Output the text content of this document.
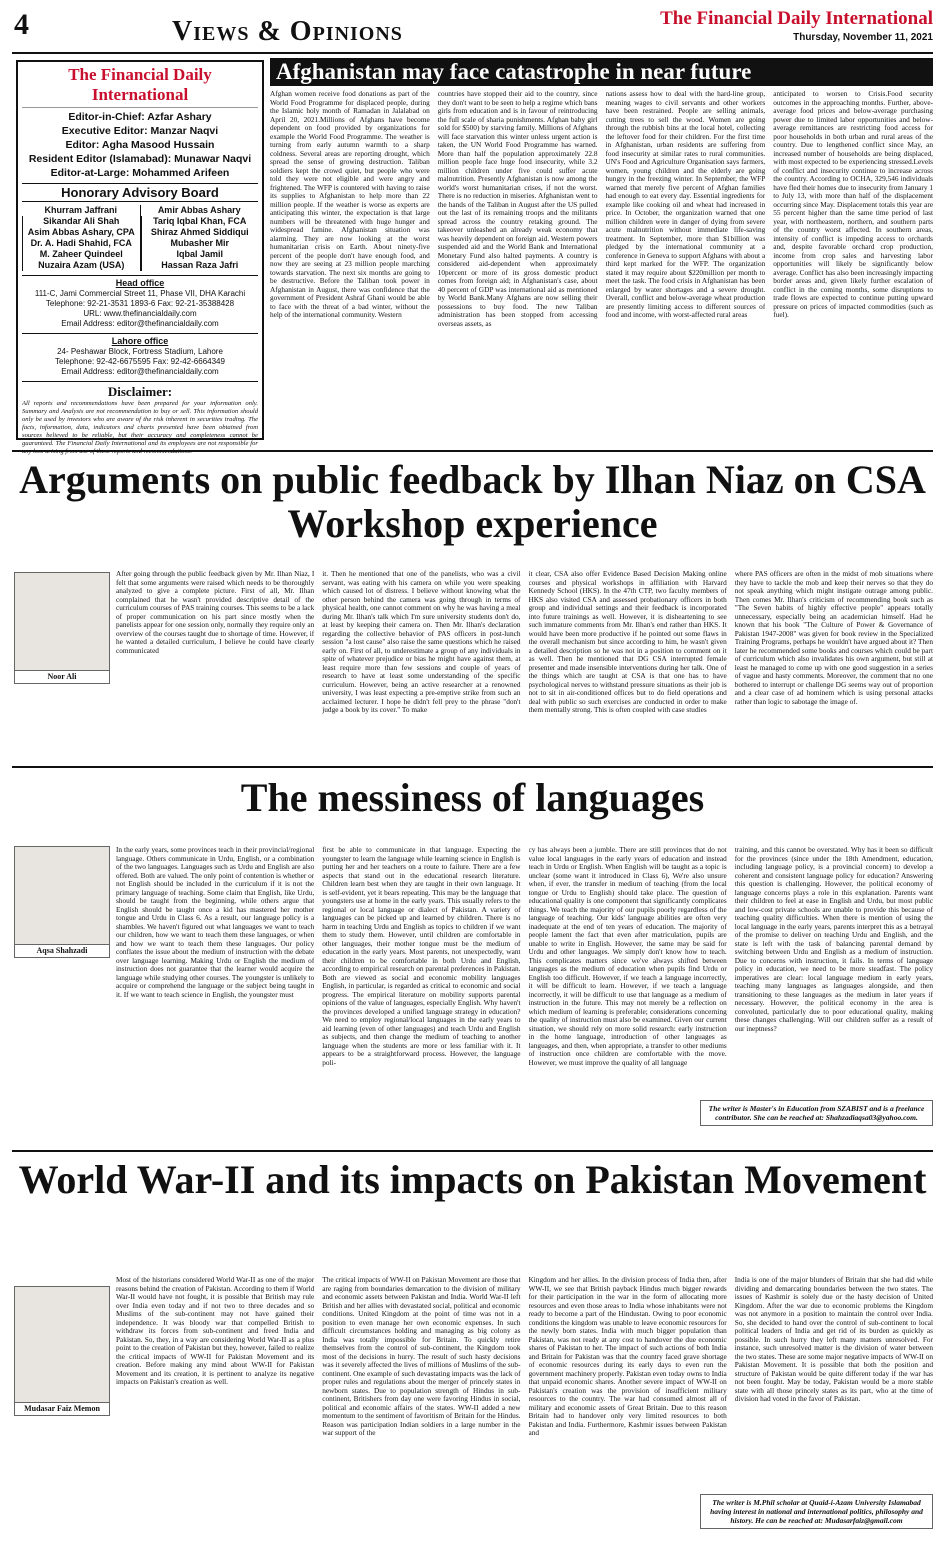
4	Views & Opinions	The Financial Daily International
Thursday, November 11, 2021
The Financial Daily International
Editor-in-Chief: Azfar Ashary
Executive Editor: Manzar Naqvi
Editor: Agha Masood Hussain
Resident Editor (Islamabad): Munawar Naqvi
Editor-at-Large: Mohammed Arifeen
Honorary Advisory Board
Khurram Jaffrani
Sikandar Ali Shah
Asim Abbas Ashary, CPA
Dr. A. Hadi Shahid, FCA
M. Zaheer Quindeel
Nuzaira Azam (USA)
Amir Abbas Ashary
Tariq Iqbal Khan, FCA
Shiraz Ahmed Siddiqui
Mubasher Mir
Iqbal Jamil
Hassan Raza Jafri
Head office
111-C, Jami Commercial Street 11, Phase VII, DHA Karachi
Telephone: 92-21-3531 1893-6 Fax: 92-21-35388428
URL: www.thefinancialdaily.com
Email Address: editor@thefinancialdaily.com
Lahore office
24- Peshawar Block, Fortress Stadium, Lahore
Telephone: 92-42-6675595 Fax: 92-42-6664349
Email Address: editor@thefinancialdaily.com
Disclaimer:

All reports and recommendations have been prepared for your information only. Summary and Analysis are not recommendation to buy or sell. This information should only be used by investors who are aware of the risk inherent in securities trading. The facts, information, data, indicators and charts presented have been obtained from sources believed to be reliable, but their accuracy and completeness cannot be guaranteed. The Financial Daily International and its employees are not responsible for any loss arising from use of these reports and recommendations.

Afghanistan may face catastrophe in near future

Afghan women receive food donations as part of the World Food Programme for displaced people, during the Islamic holy month of Ramadan in Jalalabad on April 20, 2021.Millions of Afghans have become dependent on food provided by organizations for example the World Food Programme. The weather is turning from early autumn warmth to a sharp coldness. Several areas are reporting drought, which spread the sense of growing destruction. Taliban soldiers kept the crowd quiet, but people who were told they were not eligible and were angry and frightened. The WFP is countered with having to raise its supplies to Afghanistan to help more than 22 million people. If the weather is worse as experts are anticipating this winter, the expectation is that large numbers will be threatened with huge hunger and widespread famine. Afghanistan situation was alarming. They are now looking at the worst humanitarian crisis on Earth. About ninety-five percent of the people don't have enough food, and now they are seeing at 23 million people marching towards starvation. The next six months are going to be destructive. Before the Taliban took power in Afghanistan in August, there was confidence that the government of President Ashraf Ghani would be able to face with the threat of a bad winter, without the help of the international community. Western

countries have stopped their aid to the country, since they don't want to be seen to help a regime which bans girls from education and is in favour of reintroducing the full scale of sharia punishments. Afghan baby girl sold for $500) by starving family. Millions of Afghans will face starvation this winter unless urgent action is taken, the UN World Food Programme has warned. More than half the population approximately 22.8 million people face huge food insecurity, while 3.2 million children under five could suffer acute malnutrition. Presently Afghanistan is now among the world's worst humanitarian crises, if not the worst. There is no reduction in miseries. Afghanistan went to the hands of the Taliban in August after the US pulled out the last of its remaining troops and the militants spread across the country retaking ground. The takeover unleashed an already weak economy that was heavily dependent on foreign aid. Western powers suspended aid and the World Bank and International Monetary Fund also halted payments. A country is considered aid-dependent when approximately 10percent or more of its gross domestic product comes from foreign aid; in Afghanistan's case, about 40 percent of GDP was international aid as mentioned by World Bank.Many Afghans are now selling their possessions to buy food. The new Taliban administration has been stopped from accessing overseas assets, as

nations assess how to deal with the hard-line group, meaning wages to civil servants and other workers have been restrained. People are selling animals, cutting trees to sell the wood. Women are going through the rubbish bins at the local hotel, collecting the leftover food for their children. For the first time in Afghanistan, urban residents are suffering from food insecurity at similar rates to rural communities. UN's Food and Agriculture Organisation says farmers, women, young children and the elderly are going hungry in the freezing winter. In September, the WFP warned that merely five percent of Afghan families had enough to eat every day. Essential ingredients for example like cooking oil and wheat had increased in price. In October, the organization warned that one million children were in danger of dying from severe acute malnutrition without immediate life-saving treatment. In September, more than $1billion was pledged by the international community at a conference in Geneva to support Afghans with about a third kept marked for the WFP. The organization stated it may require about $220million per month to meet the task. The food crisis in Afghanistan has been enlarged by water shortages and a severe drought. Overall, conflict and below-average wheat production are presently limiting access to different sources of food and income, with worst-affected rural areas

anticipated to worsen to Crisis.Food security outcomes in the approaching months. Further, above-average food prices and below-average purchasing power due to limited labor opportunities and below-average remittances are restricting food access for poor households in both urban and rural areas of the country. Due to lengthened conflict since May, an increased number of households are being displaced, with most expected to be experiencing stressed.Levels of conflict and insecurity continue to increase across the country. According to OCHA, 329,546 individuals have fled their homes due to insecurity from January 1 to July 13, with more than half of the displacement occurring since May. Displacement totals this year are 55 percent higher than the same time period of last year, with northeastern, northern, and southern parts of the country worst affected. In southern areas, intensity of conflict is impeding access to orchards and, despite favorable orchard crop production, income from crop sales and harvesting labor opportunities will likely be significantly below average. Conflict has also been increasingly impacting border areas and, given likely further escalation of conflict in the coming months, some disruptions to trade flows are expected to continue putting upward pressure on prices of impacted commodities (such as fuel).

Arguments on public feedback by Ilhan Niaz on CSA Workshop experience
Noor Ali

After going through the public feedback given by Mr. Ilhan Niaz, I felt that some arguments were raised which needs to be thoroughly analyzed to give a complete picture. First of all, Mr. Ilhan complained that he wasn't provided descriptive detail of the curriculum courses of PAS training courses. This seems to be a lack of proper communication on his part since mostly when the panelists appear for one session only, normally they require only an overview of the courses taught due to shortage of time. However, if he wanted a detailed curriculum, I believe he could have clearly communicated

it. Then he mentioned that one of the panelists, who was a civil servant, was eating with his camera on while you were speaking which caused lot of distress. I believe without knowing what the other person behind the camera was going through in terms of physical health, one cannot comment on why he was having a meal during Mr. Ilhan's talk which I'm sure university students don't do, at least by keeping their camera on. Then Mr. Ilhan's declaration regarding the collective behavior of PAS officers in post-lunch session "a lost cause" also raise the same questions which he raised early on. First of all, to underestimate a group of any individuals in spite of whatever prejudice or bias he might have against them, at least require more than few sessions and couple of years of research to have at least some understanding of the specific curriculum. However, being an active researcher at a renowned university, I was least expecting a pre-emptive strike from such an acclaimed lecturer. I hope he didn't fell prey to the phrase "don't judge a book by its cover." To make

it clear, CSA also offer Evidence Based Decision Making online courses and physical workshops in affiliation with Harvard Kennedy School (HKS). In the 47th CTP, two faculty members of HKS also visited CSA and assessed probationary officers in both group and individual settings and their feedback is incorporated into future trainings as well. However, it is disheartening to see such immature comments from Mr. Ilhan's end rather than HKS. It would have been more productive if he pointed out some flaws in the overall mechanism but since according to him, he wasn't given a detailed description so he was not in a position to comment on it as well. Then he mentioned that DG CSA interrupted female presenter and made insensible interventions during her talk. One of the things which are taught at CSA is that one has to have psychological nerves to withstand pressure situations as their job is not to sit in air-conditioned offices but to do field operations and deal with public so such exercises are conducted in order to make them mentally strong. This is often coupled with case studies

where PAS officers are often in the midst of mob situations where they have to tackle the mob and keep their nerves so that they do not speak anything which might instigate outrage among public. Then comes Mr. Ilhan's criticism of recommending book such as "The Seven habits of highly effective people" appears totally unnecessary, especially being an academician himself. Had he known that his book "The Culture of Power & Governance of Pakistan 1947-2008" was given for book review in the Specialized Training Programs, perhaps he wouldn't have argued about it? Then later he recommended some books and courses which could be part of curriculum which also invalidates his own argument, but still at least he managed to come up with one good suggestion in a series of vague and hasty comments. Moreover, the comment that no one bothered to interrupt or challenge DG seems way out of proportion and a clear case of ad hominem which is using personal attacks rather than logic to sabotage the image of.

The messiness of languages
Aqsa Shahzadi

In the early years, some provinces teach in their provincial/regional language. Others communicate in Urdu, English, or a combination of the two languages. Languages such as Urdu and English are also offered. Both are valued. The only point of contention is whether or not English should be included in the curriculum if it is not the primary language of teaching. Some claim that English, like Urdu, should be taught from the beginning, while others argue that English should be taught once a kid has mastered her mother tongue and Urdu in Class 6. As a result, our language policy is a shambles. We haven't figured out what languages we want to teach our children, how we want to teach them these languages, or when and how we want to teach them these languages. Our policy conflates the issue about the medium of instruction with the debate over language learning. Making Urdu or English the medium of instruction does not guarantee that the learner would acquire the language while studying other courses. The youngster is unlikely to acquire or comprehend the language or the subject being taught in it. If we want to teach science in English, the youngster must

first be able to communicate in that language. Expecting the youngster to learn the language while learning science in English is putting her and her teachers on a route to failure. There are a few aspects that stand out in the educational research literature. Children learn best when they are taught in their own language. It is self-evident, yet it bears repeating. This may be the language that youngsters use at home in the early years. This usually refers to the regional or local language or dialect of Pakistan. A variety of languages can be picked up and learned by children. There is no harm in teaching Urdu and English as topics to children if we want them to study them. However, until children are comfortable in other languages, their mother tongue must be the medium of education in the early years. Most parents, not unexpectedly, want their children to be comfortable in both Urdu and English, according to empirical research on parental preferences in Pakistan. Both are viewed as social and economic mobility languages English, in particular, is regarded as critical to economic and social progress. The empirical literature on mobility supports parental opinions of the value of languages, especially English. Why haven't the provinces developed a unified language strategy in education? We need to employ regional/local languages in the early years to aid learning (even of other languages) and teach Urdu and English as subjects, and then change the medium of teaching to another language when the students are more or less familiar with it. It appears to be a straightforward process. However, the language poli-

cy has always been a jumble. There are still provinces that do not value local languages in the early years of education and instead teach in Urdu or English. When English will be taught as a topic is unclear (some want it introduced in Class 6), We're also unsure when, if ever, the transfer in medium of teaching (from the local tongue or Urdu to English) should take place. The question of educational quality is one component that significantly complicates things. We teach the majority of our pupils poorly regardless of the language of teaching. Our kids' language abilities are often very inadequate at the end of ten years of education. The majority of people lament the fact that even after matriculation, pupils are unable to write in English. However, the same may be said for Urdu and other languages. We simply don't know how to teach. This complicates matters since we've always shifted between languages as the medium of education when pupils find Urdu or English too difficult. However, if we teach a language incorrectly, it will be difficult to learn. However, if we teach a language incorrectly, it will be difficult to use that language as a medium of instruction in the future. This may not merely be a reflection on which medium of learning is preferable; considerations concerning the quality of instruction must also be examined. Given our current situation, we should rely on more solid research: early instruction in the home language, introduction of other languages as languages, and then, when appropriate, a transfer to other mediums of instruction once children are comfortable with the move. However, we must improve the quality of all language

training, and this cannot be overstated. Why has it been so difficult for the provinces (since under the 18th Amendment, education, including language policy, is a provincial concern) to develop a coherent and consistent language policy for education? Answering this question is challenging. However, the political economy of language concerns plays a role in this explanation. Parents want their children to feel at ease in English and Urdu, but most public and low-cost private schools are unable to provide this because of teaching quality difficulties. When there is mention of using the local language in the early years, parents interpret this as a betrayal of the promise to deliver on teaching Urdu and English, and the state is left with the task of balancing parental demand by switching between Urdu and English as a medium of instruction. Due to concerns with instruction, it fails. In terms of language policy in education, we need to be more steadfast. The policy imperatives are clear: local language medium in early years, teaching many languages as languages alongside, and then transitioning to these languages as the medium in later years if necessary. However, the political economy in the area is convoluted, particularly due to poor educational quality, making these changes challenging. Will our children suffer as a result of our ineptness?

The writer is Master's in Education from SZABIST and is a freelance contributor. She can be reached at: Shahzadiaqsa03@yahoo.com.
World War-II and its impacts on Pakistan Movement
Mudasar Faiz Memon

Most of the historians considered World War-II as one of the major reasons behind the creation of Pakistan. According to them if World War-II would have not fought, it is possible that British may rule over India even today and if not two to three decades and so Muslims of the sub-continent may not have gained their independence. It was bloody war that compelled British to withdraw its forces from sub-continent and freed India and Pakistan. So, they, in a way are considering World War-II as a plus point to the creation of Pakistan but they, however, failed to realize the critical impacts of WW-II for Pakistan Movement and its creation. Before making any mind about WW-II for Pakistan Movement and its creation, it is pertinent to analyze its negative impacts on Pakistan's creation as well.

The critical impacts of WW-II on Pakistan Movement are those that are raging from boundaries demarcation to the division of military and economic assets between Pakistan and India. World War-II left British and her allies with devastated social, political and economic conditions. United Kingdom at the point of time was not in a position to even manage her own economic expenses. In such difficult circumstances holding and managing as big colony as India was totally impossible for Britain. To quickly retire themselves from the control of sub-continent, the Kingdom took most of the decisions in hurry. The result of such hasty decisions was it severely affected the lives of millions of Muslims of the sub-continent. One example of such devastating impacts was the lack of proper rules and regulations about the merger of princely states in newborn states. Due to population strength of Hindus in sub-continent, Britishers from day one were favoring Hindus in social, political and economic affairs of the states. WW-II added a new momentum to the sentiment of favoritism of Britain for the Hindus. Reason was participation Indian soldiers in a large number in the war support of the

Kingdom and her allies. In the division process of India then, after WW-II, we see that British payback Hindus much bigger rewards for their participation in the war in the form of allocating more resources and even those areas to India whose inhabitants were not ready to become a part of the Hindustan. Owing to poor economic conditions the kingdom was unable to leave economic resources for the newly born states. India with much bigger population than Pakistan, was not ready at any cost to handover the due economic shares of Pakistan to her. The impact of such actions of both India and Britain for Pakistan was that the country faced grave shortage of economic resources during its early days to even run the government machinery properly. Pakistan even today owns to India that unpaid economic shares. Another severe impact of WW-II on Pakistan's creation was the provision of insufficient military resources to the country. The war had consumed almost all of military and economic assets of Great Britain. Due to this reason Britain had to handover only very limited resources to both Pakistan and India. Furthermore, Kashmir issues between Pakistan and

India is one of the major blunders of Britain that she had did while dividing and demarcating boundaries between the two states. The issues of Kashmir is solely due or the hasty decision of United Kingdom. After the war due to economic problems the Kingdom was not anymore in a position to maintain the control over India. So, she decided to hand over the control of sub-continent to local political leaders of India and get rid of its burden as quickly as possible. In such hurry they left many matters unresolved. For instance, such unresolved matter is the division of water between the two states. These are some major negative impacts of WW-II on Pakistan Movement. It is possible that both the position and structure of Pakistan would be quite different today if the war has not been fought. May be today, Pakistan would be a more stable state with all those princely states as its part, who at the time of division had voted in the favor of Pakistan.

The writer is M.Phil scholar at Quaid-i-Azam University Islamabad having interest in national and international politics, philosophy and history. He can be reached at: Mudasarfaiz@gmail.com
